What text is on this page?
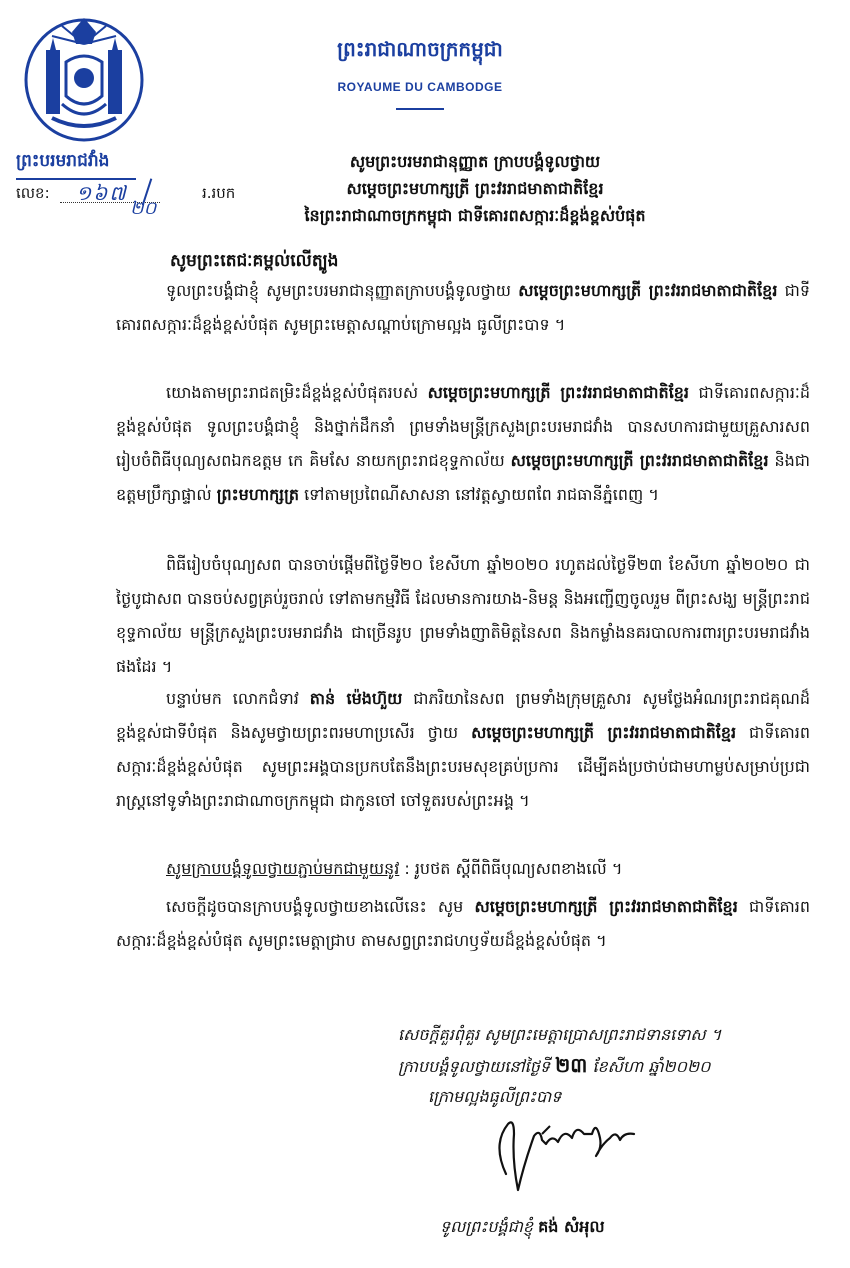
ព្រះរាជាណាចក្រកម្ពុជា
ROYAUME DU CAMBODGE
ព្រះបរមរាជវាំង
លេខ: ១៦៧
២០
រ.របក
សូមព្រះបរមរាជានុញ្ញាត ក្រាបបង្គំទូលថ្វាយ
សម្តេចព្រះមហាក្សត្រី ព្រះវររាជមាតាជាតិខ្មែរ
នៃព្រះរាជាណាចក្រកម្ពុជា ជាទីគោរពសក្ការៈដ៏ខ្ពង់ខ្ពស់បំផុត
សូមព្រះតេជៈគម្ពល់លើត្បូង

ទូលព្រះបង្គំជាខ្ញុំ សូមព្រះបរមរាជានុញ្ញាតក្រាបបង្គំទូលថ្វាយ សម្តេចព្រះមហាក្សត្រី ព្រះវររាជមាតាជាតិខ្មែរ ជាទីគោរពសក្ការៈដ៏ខ្ពង់ខ្ពស់បំផុត សូមព្រះមេត្តាសណ្តាប់ក្រោមល្អង ធូលីព្រះបាទ ។

យោងតាមព្រះរាជតម្រិះដ៏ខ្ពង់ខ្ពស់បំផុតរបស់ សម្តេចព្រះមហាក្សត្រី ព្រះវររាជមាតាជាតិខ្មែរ ជាទីគោរពសក្ការៈដ៏ខ្ពង់ខ្ពស់បំផុត ទូលព្រះបង្គំជាខ្ញុំ និងថ្នាក់ដឹកនាំ ព្រមទាំងមន្ត្រីក្រសួងព្រះបរមរាជវាំង បានសហការជាមួយគ្រួសារសព រៀបចំពិធីបុណ្យសពឯកឧត្តម កេ គិមសែ នាយកព្រះរាជខុទ្ទកាល័យ សម្តេចព្រះមហាក្សត្រី ព្រះវររាជមាតាជាតិខ្មែរ និងជាឧត្តមប្រឹក្សាផ្ទាល់ ព្រះមហាក្សត្រ ទៅតាមប្រពៃណីសាសនា នៅវត្តស្វាយពពែ រាជធានីភ្នំពេញ ។

ពិធីរៀបចំបុណ្យសព បានចាប់ផ្តើមពីថ្ងៃទី២០ ខែសីហា ឆ្នាំ២០២០ រហូតដល់ថ្ងៃទី២៣ ខែសីហា ឆ្នាំ២០២០ ជាថ្ងៃបូជាសព បានចប់សព្វគ្រប់រួចរាល់ ទៅតាមកម្មវិធី ដែលមានការយាង-និមន្ត និងអញ្ជើញចូលរួម ពីព្រះសង្ឃ មន្ត្រីព្រះរាជខុទ្ទកាល័យ មន្ត្រីក្រសួងព្រះបរមរាជវាំង ជាច្រើនរូប ព្រមទាំងញាតិមិត្តនៃសព និងកម្លាំងនគរបាលការពារព្រះបរមរាជវាំងផងដែរ ។

បន្ទាប់មក លោកជំទាវ តាន់ ម៉េងហ៊ួយ ជាភរិយានៃសព ព្រមទាំងក្រុមគ្រួសារ សូមថ្លែងអំណរព្រះរាជគុណដ៏ខ្ពង់ខ្ពស់ជាទីបំផុត និងសូមថ្វាយព្រះពរមហាប្រសើរ ថ្វាយ សម្តេចព្រះមហាក្សត្រី ព្រះវររាជមាតាជាតិខ្មែរ ជាទីគោរពសក្ការៈដ៏ខ្ពង់ខ្ពស់បំផុត សូមព្រះអង្គបានប្រកបតែនឹងព្រះបរមសុខគ្រប់ប្រការ ដើម្បីគង់ប្រថាប់ជាមហាម្លប់សម្រាប់ប្រជារាស្ត្រនៅទូទាំងព្រះរាជាណាចក្រកម្ពុជា ជាកូនចៅ ចៅទួតរបស់ព្រះអង្គ ។

សូមក្រាបបង្គំទូលថ្វាយភ្ជាប់មកជាមួយនូវ : រូបថត ស្តីពីពិធីបុណ្យសពខាងលើ ។

សេចក្តីដូចបានក្រាបបង្គំទូលថ្វាយខាងលើនេះ សូម សម្តេចព្រះមហាក្សត្រី ព្រះវររាជមាតាជាតិខ្មែរ ជាទីគោរពសក្ការៈដ៏ខ្ពង់ខ្ពស់បំផុត សូមព្រះមេត្តាជ្រាប តាមសព្វព្រះរាជហឫទ័យដ៏ខ្ពង់ខ្ពស់បំផុត ។

សេចក្តីគួរពុំគួរ សូមព្រះមេត្តាប្រោសព្រះរាជទានទោស ។
ក្រាបបង្គំទូលថ្វាយនៅថ្ងៃទី ២៣ ខែសីហា ឆ្នាំ២០២០
ក្រោមល្អងធូលីព្រះបាទ
ទូលព្រះបង្គំជាខ្ញុំ គង់ សំអុល
